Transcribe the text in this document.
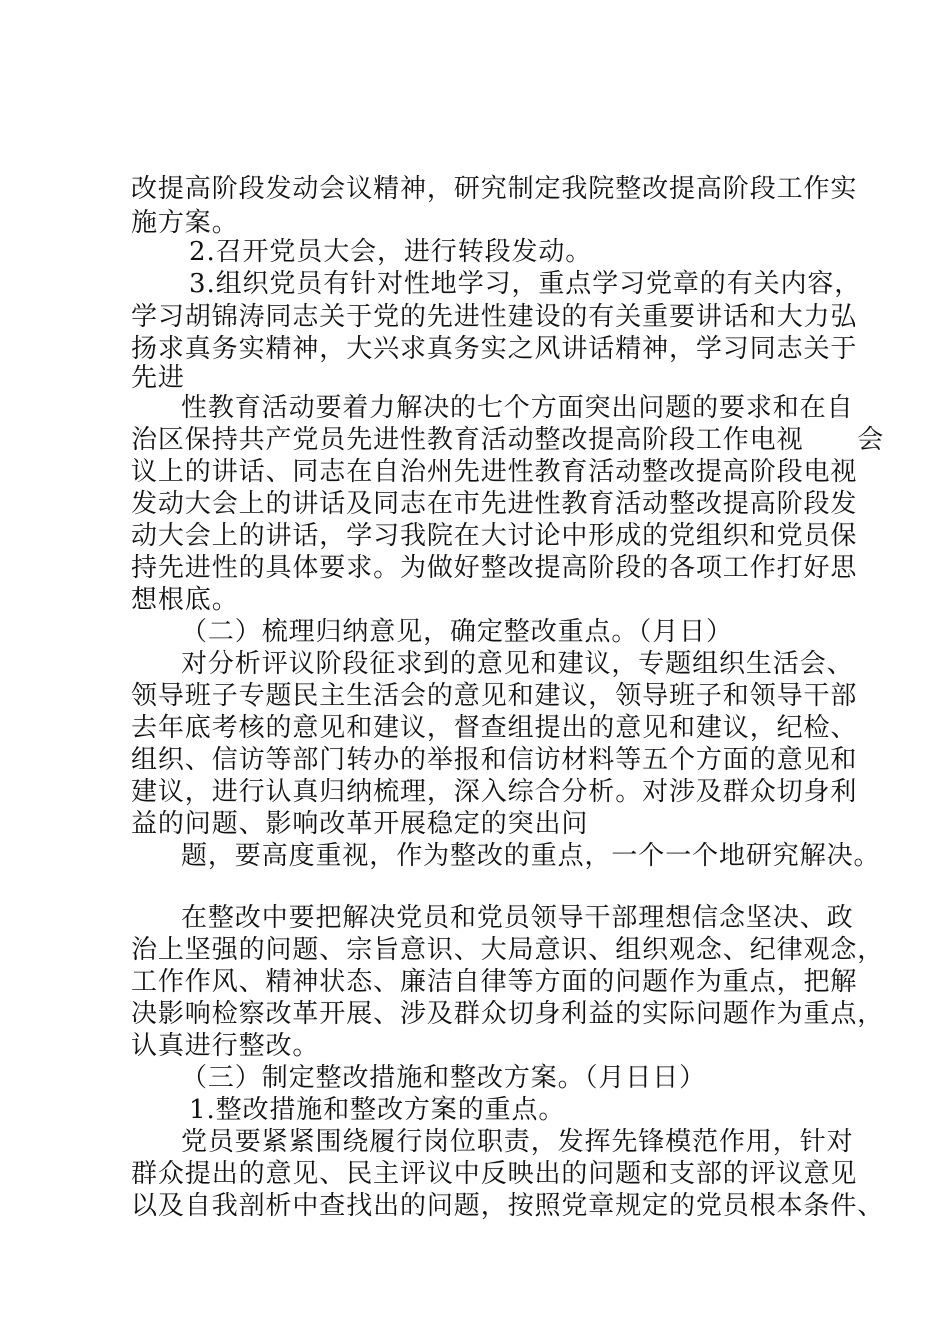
改提高阶段发动会议精神，研究制定我院整改提高阶段工作实
施方案。
2.召开党员大会，进行转段发动。
3.组织党员有针对性地学习，重点学习党章的有关内容，
学习胡锦涛同志关于党的先进性建设的有关重要讲话和大力弘
扬求真务实精神，大兴求真务实之风讲话精神，学习同志关于
先进
性教育活动要着力解决的七个方面突出问题的要求和在自
治区保持共产党员先进性教育活动整改提高阶段工作电视　　会
议上的讲话、同志在自治州先进性教育活动整改提高阶段电视
发动大会上的讲话及同志在市先进性教育活动整改提高阶段发
动大会上的讲话，学习我院在大讨论中形成的党组织和党员保
持先进性的具体要求。为做好整改提高阶段的各项工作打好思
想根底。
（二）梳理归纳意见，确定整改重点。（月日）
对分析评议阶段征求到的意见和建议，专题组织生活会、
领导班子专题民主生活会的意见和建议，领导班子和领导干部
去年底考核的意见和建议，督查组提出的意见和建议，纪检、
组织、信访等部门转办的举报和信访材料等五个方面的意见和
建议，进行认真归纳梳理，深入综合分析。对涉及群众切身利
益的问题、影响改革开展稳定的突出问
题，要高度重视，作为整改的重点，一个一个地研究解决。
在整改中要把解决党员和党员领导干部理想信念坚决、政
治上坚强的问题、宗旨意识、大局意识、组织观念、纪律观念，
工作作风、精神状态、廉洁自律等方面的问题作为重点，把解
决影响检察改革开展、涉及群众切身利益的实际问题作为重点，
认真进行整改。
（三）制定整改措施和整改方案。（月日日）
1.整改措施和整改方案的重点。
党员要紧紧围绕履行岗位职责，发挥先锋模范作用，针对
群众提出的意见、民主评议中反映出的问题和支部的评议意见
以及自我剖析中查找出的问题，按照党章规定的党员根本条件、
